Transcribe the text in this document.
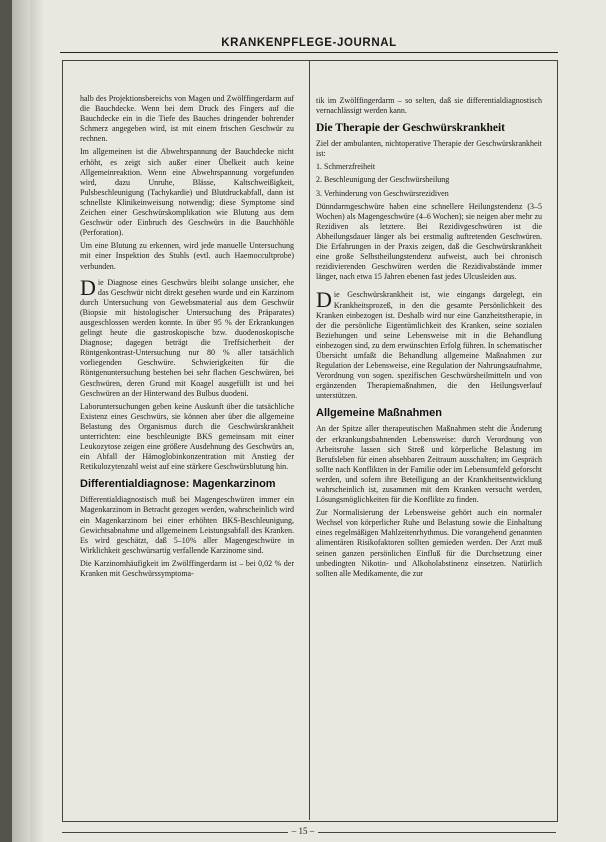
KRANKENPFLEGE-JOURNAL

halb des Projektionsbereichs von Magen und Zwölffingerdarm auf die Bauchdecke. Wenn bei dem Druck des Fingers auf die Bauchdecke ein in die Tiefe des Bauches dringender bohrender Schmerz angegeben wird, ist mit einem frischen Geschwür zu rechnen.

Im allgemeinen ist die Abwehrspannung der Bauchdecke nicht erhöht, es zeigt sich außer einer Übelkeit auch keine Allgemeinreaktion. Wenn eine Abwehrspannung vorgefunden wird, dazu Unruhe, Blässe, Kaltschweißigkeit, Pulsbeschleunigung (Tachykardie) und Blutdruckabfall, dann ist schnellste Klinikeinweisung notwendig; diese Symptome sind Zeichen einer Geschwürskomplikation wie Blutung aus dem Geschwür oder Einbruch des Geschwürs in die Bauchhöhle (Perforation).

Um eine Blutung zu erkennen, wird jede manuelle Untersuchung mit einer Inspektion des Stuhls (evtl. auch Haemoccultprobe) verbunden.

Die Diagnose eines Geschwürs bleibt solange unsicher, ehe das Geschwür nicht direkt gesehen wurde und ein Karzinom durch Untersuchung von Gewebsmaterial aus dem Geschwür (Biopsie mit histologischer Untersuchung des Präparates) ausgeschlossen werden konnte. In über 95 % der Erkrankungen gelingt heute die gastroskopische bzw. duodenoskopische Diagnose; dagegen beträgt die Treffsicherheit der Röntgenkontrast-Untersuchung nur 80 % aller tatsächlich vorliegenden Geschwüre. Schwierigkeiten für die Röntgenuntersuchung bestehen bei sehr flachen Geschwüren, bei Geschwüren, deren Grund mit Koagel ausgefüllt ist und bei Geschwüren an der Hinterwand des Bulbus duodeni.

Laboruntersuchungen geben keine Auskunft über die tatsächliche Existenz eines Geschwürs, sie können aber über die allgemeine Belastung des Organismus durch die Geschwürskrankheit unterrichten: eine beschleunigte BKS gemeinsam mit einer Leukozytose zeigen eine größere Ausdehnung des Geschwürs an, ein Abfall der Hämoglobinkonzentration mit Anstieg der Retikulozytenzahl weist auf eine stärkere Geschwürsblutung hin.

Differentialdiagnose: Magenkarzinom

Differentialdiagnostisch muß bei Magengeschwüren immer ein Magenkarzinom in Betracht gezogen werden, wahrscheinlich wird ein Magenkarzinom bei einer erhöhten BKS-Beschleunigung, Gewichtsabnahme und allgemeinem Leistungsabfall des Kranken. Es wird geschätzt, daß 5–10% aller Magengeschwüre in Wirklichkeit geschwürsartig verfallende Karzinome sind.

Die Karzinomhäufigkeit im Zwölffingerdarm ist – bei 0,02 % der Kranken mit Geschwürssymptoma-

tik im Zwölffingerdarm – so selten, daß sie differentialdiagnostisch vernachlässigt werden kann.

Die Therapie der Geschwürskrankheit

Ziel der ambulanten, nichtoperative Therapie der Geschwürskrankheit ist:

1. Schmerzfreiheit

2. Beschleunigung der Geschwürsheilung

3. Verhinderung von Geschwürsrezidiven

Dünndarmgeschwüre haben eine schnellere Heilungstendenz (3–5 Wochen) als Magengeschwüre (4–6 Wochen); sie neigen aber mehr zu Rezidiven als letztere. Bei Rezidivgeschwüren ist die Abheilungsdauer länger als bei erstmalig auftretenden Geschwüren. Die Erfahrungen in der Praxis zeigen, daß die Geschwürskrankheit eine große Selbstheilungstendenz aufweist, auch bei chronisch rezidivierenden Geschwüren werden die Rezidivabstände immer länger, nach etwa 15 Jahren ebenen fast jedes Ulcusleiden aus.

Die Geschwürskrankheit ist, wie eingangs dargelegt, ein Krankheitsprozeß, in den die gesamte Persönlichkeit des Kranken einbezogen ist. Deshalb wird nur eine Ganzheitstherapie, in der die persönliche Eigentümlichkeit des Kranken, seine sozialen Beziehungen und seine Lebensweise mit in die Behandlung einbezogen sind, zu dem erwünschten Erfolg führen. In schematischer Übersicht umfaßt die Behandlung allgemeine Maßnahmen zur Regulation der Lebensweise, eine Regulation der Nahrungsaufnahme, Verordnung von sogen. spezifischen Geschwürsheilmitteln und von ergänzenden Therapiemaßnahmen, die den Heilungsverlauf unterstützen.

Allgemeine Maßnahmen

An der Spitze aller therapeutischen Maßnahmen steht die Änderung der erkrankungsbahnenden Lebensweise: durch Verordnung von Arbeitsruhe lassen sich Streß und körperliche Belastung im Berufsleben für einen absehbaren Zeitraum ausschalten; im Gespräch sollte nach Konflikten in der Familie oder im Lebensumfeld geforscht werden, und sofern ihre Beteiligung an der Krankheitsentwicklung wahrscheinlich ist, zusammen mit dem Kranken versucht werden, Lösungsmöglichkeiten für die Konflikte zu finden.

Zur Normalisierung der Lebensweise gehört auch ein normaler Wechsel von körperlicher Ruhe und Belastung sowie die Einhaltung eines regelmäßigen Mahlzeitenrhythmus. Die vorangehend genannten alimentären Risikofaktoren sollten gemieden werden. Der Arzt muß seinen ganzen persönlichen Einfluß für die Durchsetzung einer unbedingten Nikotin- und Alkoholabstinenz einsetzen. Natürlich sollten alle Medikamente, die zur

– 15 –
